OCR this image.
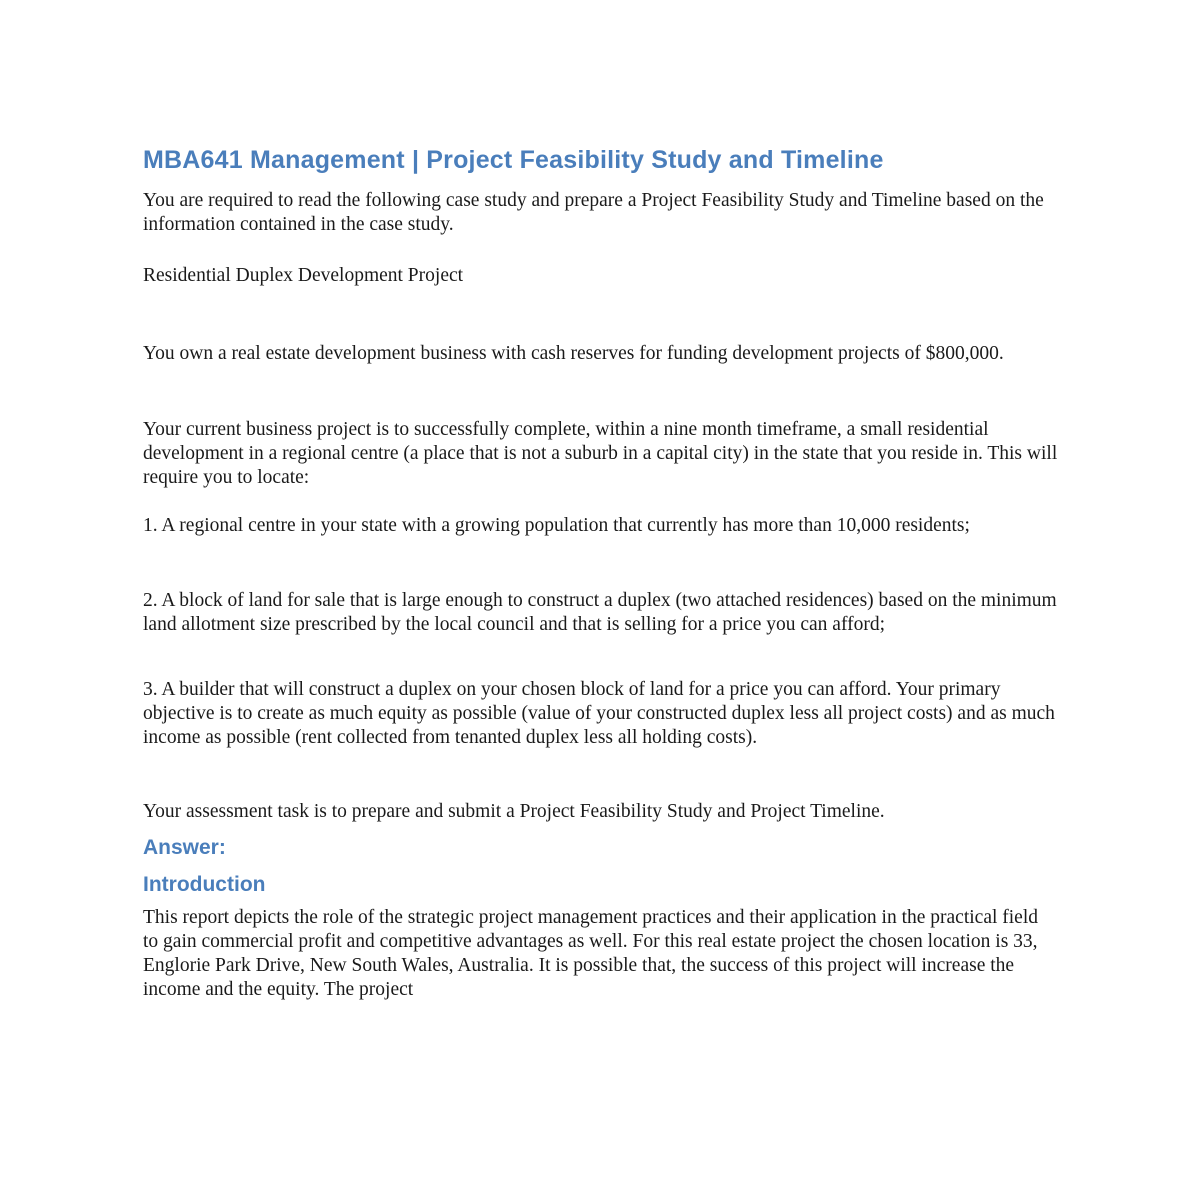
MBA641 Management | Project Feasibility Study and Timeline

You are required to read the following case study and prepare a Project Feasibility Study and Timeline based on the information contained in the case study.

Residential Duplex Development Project

You own a real estate development business with cash reserves for funding development projects of $800,000.

Your current business project is to successfully complete, within a nine month timeframe, a small residential development in a regional centre (a place that is not a suburb in a capital city) in the state that you reside in. This will require you to locate:

1. A regional centre in your state with a growing population that currently has more than 10,000 residents;

2. A block of land for sale that is large enough to construct a duplex (two attached residences) based on the minimum land allotment size prescribed by the local council and that is selling for a price you can afford;

3. A builder that will construct a duplex on your chosen block of land for a price you can afford. Your primary objective is to create as much equity as possible (value of your constructed duplex less all project costs) and as much income as possible (rent collected from tenanted duplex less all holding costs).

Your assessment task is to prepare and submit a Project Feasibility Study and Project Timeline.

Answer:
Introduction

This report depicts the role of the strategic project management practices and their application in the practical field to gain commercial profit and competitive advantages as well. For this real estate project the chosen location is 33, Englorie Park Drive, New South Wales, Australia. It is possible that, the success of this project will increase the income and the equity. The project
